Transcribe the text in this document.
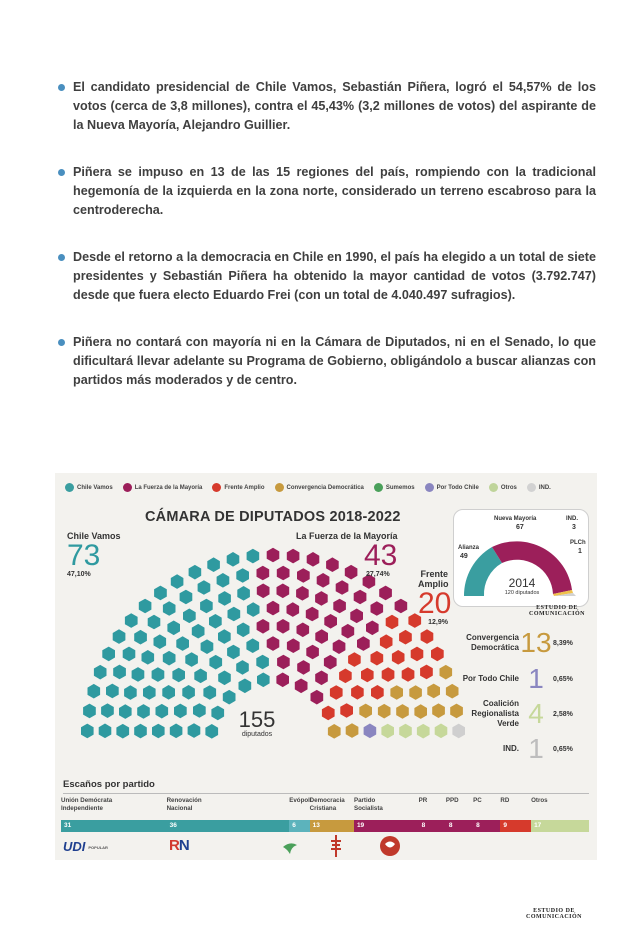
El candidato presidencial de Chile Vamos, Sebastián Piñera, logró el 54,57% de los votos (cerca de 3,8 millones), contra el 45,43% (3,2 millones de votos) del aspirante de la Nueva Mayoría, Alejandro Guillier.
Piñera se impuso en 13 de las 15 regiones del país, rompiendo con la tradicional hegemonía de la izquierda en la zona norte, considerado un terreno escabroso para la centroderecha.
Desde el retorno a la democracia en Chile en 1990, el país ha elegido a un total de siete presidentes y Sebastián Piñera ha obtenido la mayor cantidad de votos (3.792.747) desde que fuera electo Eduardo Frei (con un total de 4.040.497 sufragios).
Piñera no contará con mayoría ni en la Cámara de Diputados, ni en el Senado, lo que dificultará llevar adelante su Programa de Gobierno, obligándolo a buscar alianzas con partidos más moderados y de centro.
Chile Vamos	La Fuerza de la Mayoría	Frente Amplio	Convergencia Democrática	Sumemos	Por Todo Chile	Otros	IND.
CÁMARA DE DIPUTADOS 2018-2022
Chile Vamos
73
47,10%
La Fuerza de la Mayoría
43
27,74%	Frente
Amplio
20
12,9%
155
diputados
Nueva Mayoría
67
IND.
3
Alianza
49
PLCh
1
2014
120 diputados
ESTUDIO DE
COMUNICACIÓN
Convergencia
Democrática 13 8,39%
Por Todo Chile 1	0,65%
Coalición
Regionalista Verde 4	2,58%
IND. 1	0,65%
Escaños por partido
Unión Demócrata
Independiente
Renovación
Nacional
Evópoli
Democracia
Cristiana
Partido
Socialista
PR	PPD PC	RD	Otros
31	36	6	13	19	8	8	8	9	17
UDI POPULAR	RN
ESTUDIO DE
COMUNICACIÓN
